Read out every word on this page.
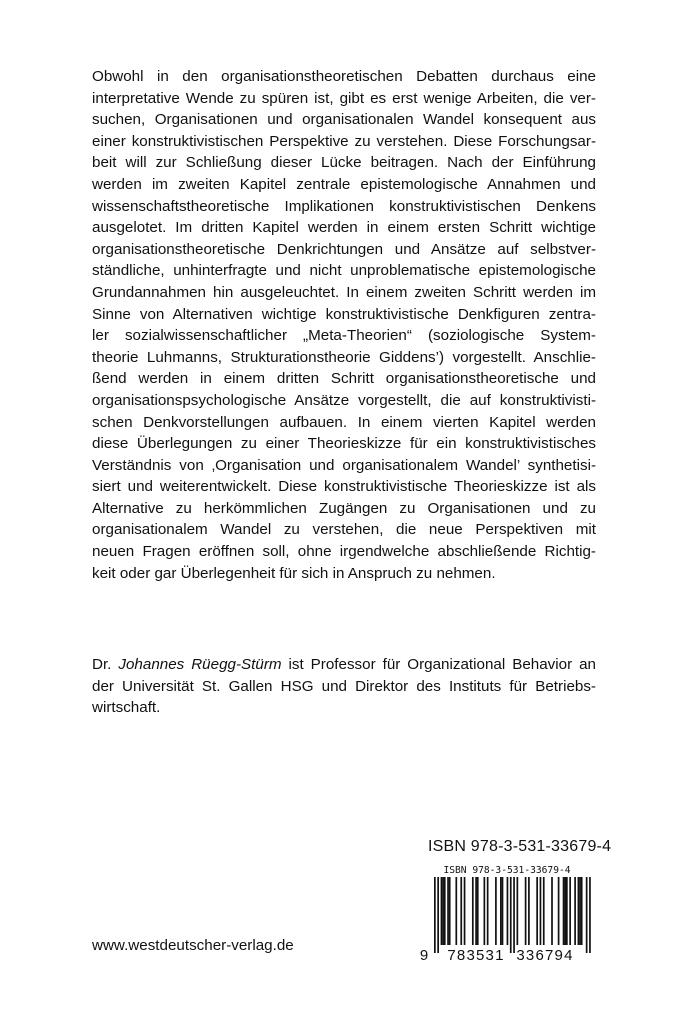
Obwohl in den organisationstheoretischen Debatten durchaus eine
interpretative Wende zu spüren ist, gibt es erst wenige Arbeiten, die ver-
suchen, Organisationen und organisationalen Wandel konsequent aus
einer konstruktivistischen Perspektive zu verstehen. Diese Forschungsar-
beit will zur Schließung dieser Lücke beitragen. Nach der Einführung
werden im zweiten Kapitel zentrale epistemologische Annahmen und
wissenschaftstheoretische Implikationen konstruktivistischen Denkens
ausgelotet. Im dritten Kapitel werden in einem ersten Schritt wichtige
organisationstheoretische Denkrichtungen und Ansätze auf selbstver-
ständliche, unhinterfragte und nicht unproblematische epistemologische
Grundannahmen hin ausgeleuchtet. In einem zweiten Schritt werden im
Sinne von Alternativen wichtige konstruktivistische Denkfiguren zentra-
ler sozialwissenschaftlicher „Meta-Theorien“ (soziologische System-
theorie Luhmanns, Strukturationstheorie Giddens’) vorgestellt. Anschlie-
ßend werden in einem dritten Schritt organisationstheoretische und
organisationspsychologische Ansätze vorgestellt, die auf konstruktivisti-
schen Denkvorstellungen aufbauen. In einem vierten Kapitel werden
diese Überlegungen zu einer Theorieskizze für ein konstruktivistisches
Verständnis von ‚Organisation und organisationalem Wandel’ synthetisi-
siert und weiterentwickelt. Diese konstruktivistische Theorieskizze ist als
Alternative zu herkömmlichen Zugängen zu Organisationen und zu
organisationalem Wandel zu verstehen, die neue Perspektiven mit
neuen Fragen eröffnen soll, ohne irgendwelche abschließende Richtig-
keit oder gar Überlegenheit für sich in Anspruch zu nehmen.
Dr. Johannes Rüegg-Stürm ist Professor für Organizational Behavior an
der Universität St. Gallen HSG und Direktor des Instituts für Betriebs-
wirtschaft.
ISBN 978-3-531-33679-4
ISBN 978-3-531-33679-4
9 783531 336794
www.westdeutscher-verlag.de
